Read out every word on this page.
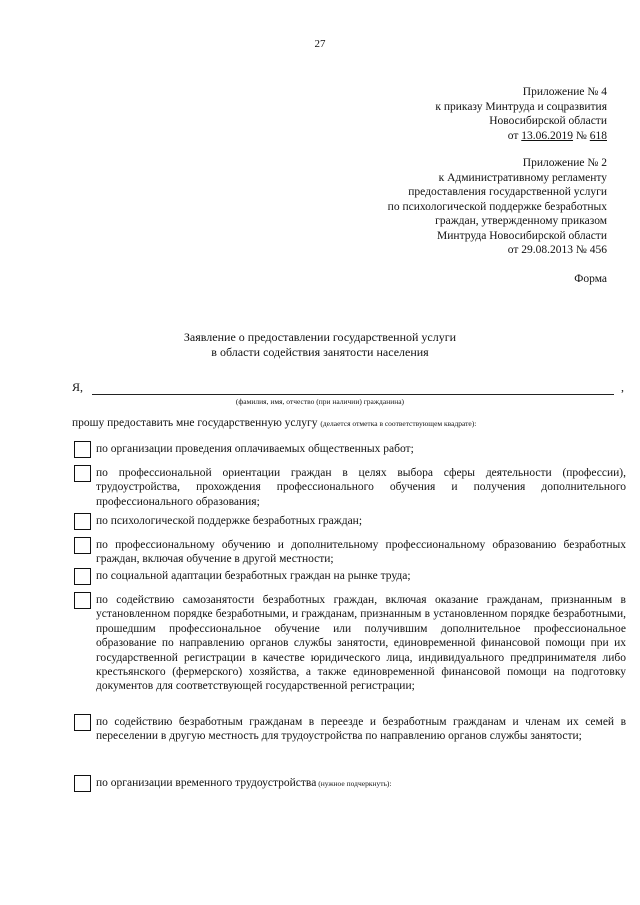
27
Приложение № 4
к приказу Минтруда и соцразвития
Новосибирской области
от 13.06.2019 № 618
Приложение № 2
к Административному регламенту
предоставления государственной услуги
по психологической поддержке безработных
граждан, утвержденному приказом
Минтруда Новосибирской области
от 29.08.2013 № 456
Форма
Заявление о предоставлении государственной услуги
в области содействия занятости населения
Я,	,
(фамилия, имя, отчество (при наличии) гражданина)
прошу предоставить мне государственную услугу (делается отметка в соответствующем квадрате):
по организации проведения оплачиваемых общественных работ;
по профессиональной ориентации граждан в целях выбора сферы деятельности (профессии), трудоустройства, прохождения профессионального обучения и получения дополнительного профессионального образования;
по психологической поддержке безработных граждан;
по профессиональному обучению и дополнительному профессиональному образованию безработных граждан, включая обучение в другой местности;
по социальной адаптации безработных граждан на рынке труда;
по содействию самозанятости безработных граждан, включая оказание гражданам, признанным в установленном порядке безработными, и гражданам, признанным в установленном порядке безработными, прошедшим профессиональное обучение или получившим дополнительное профессиональное образование по направлению органов службы занятости, единовременной финансовой помощи при их государственной регистрации в качестве юридического лица, индивидуального предпринимателя либо крестьянского (фермерского) хозяйства, а также единовременной финансовой помощи на подготовку документов для соответствующей государственной регистрации;
по содействию безработным гражданам в переезде и безработным гражданам и членам их семей в переселении в другую местность для трудоустройства по направлению органов службы занятости;
по организации временного трудоустройства (нужное подчеркнуть):
